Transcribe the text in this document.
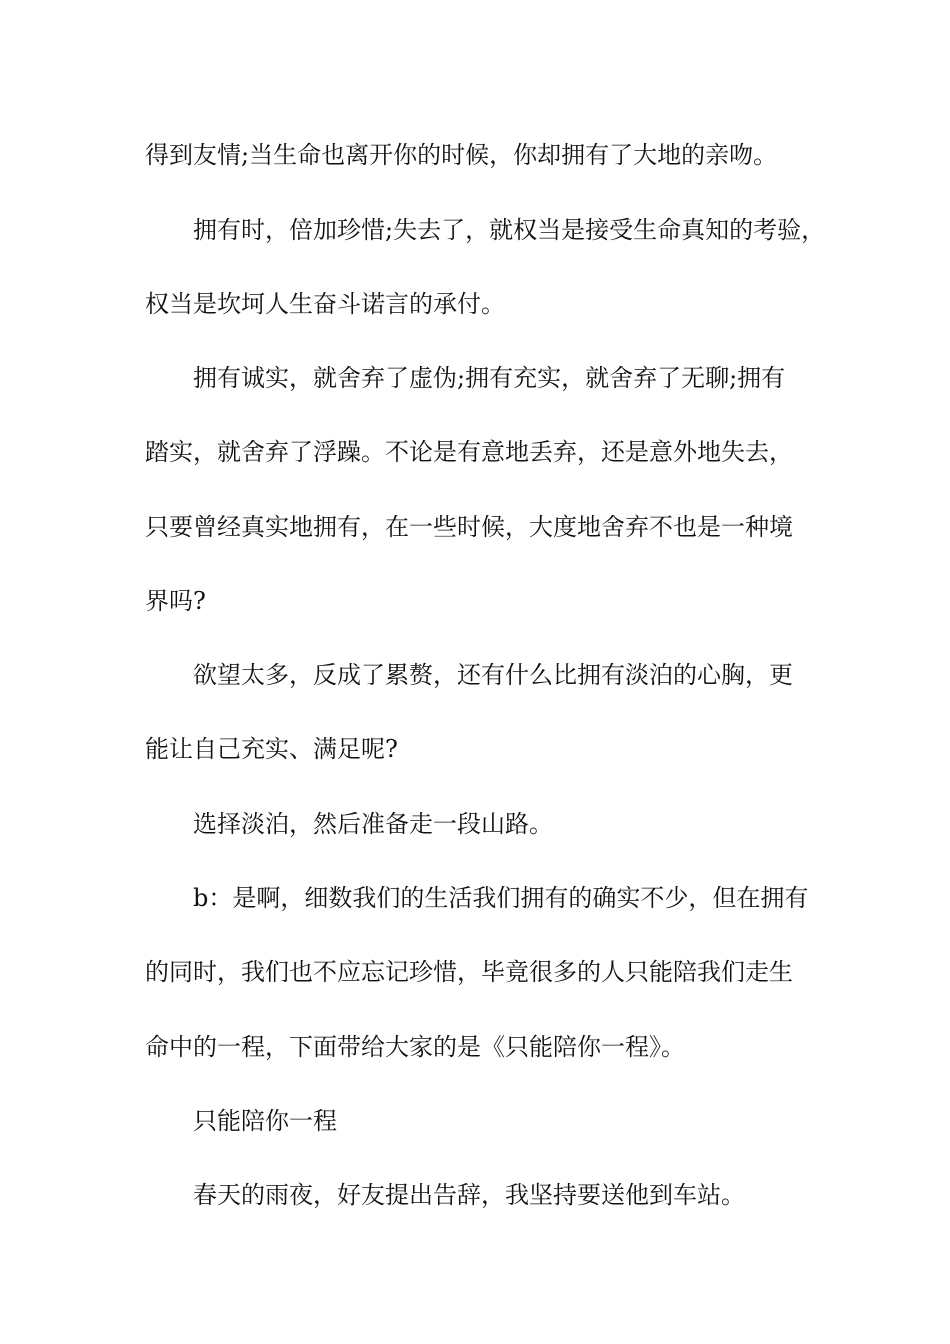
得到友情;当生命也离开你的时候，你却拥有了大地的亲吻。
拥有时，倍加珍惜;失去了，就权当是接受生命真知的考验，
权当是坎坷人生奋斗诺言的承付。
拥有诚实，就舍弃了虚伪;拥有充实，就舍弃了无聊;拥有
踏实，就舍弃了浮躁。不论是有意地丢弃，还是意外地失去，
只要曾经真实地拥有，在一些时候，大度地舍弃不也是一种境
界吗?
欲望太多，反成了累赘，还有什么比拥有淡泊的心胸，更
能让自己充实、满足呢?
选择淡泊，然后准备走一段山路。
b：是啊，细数我们的生活我们拥有的确实不少，但在拥有
的同时，我们也不应忘记珍惜，毕竟很多的人只能陪我们走生
命中的一程，下面带给大家的是《只能陪你一程》。
只能陪你一程
春天的雨夜，好友提出告辞，我坚持要送他到车站。
